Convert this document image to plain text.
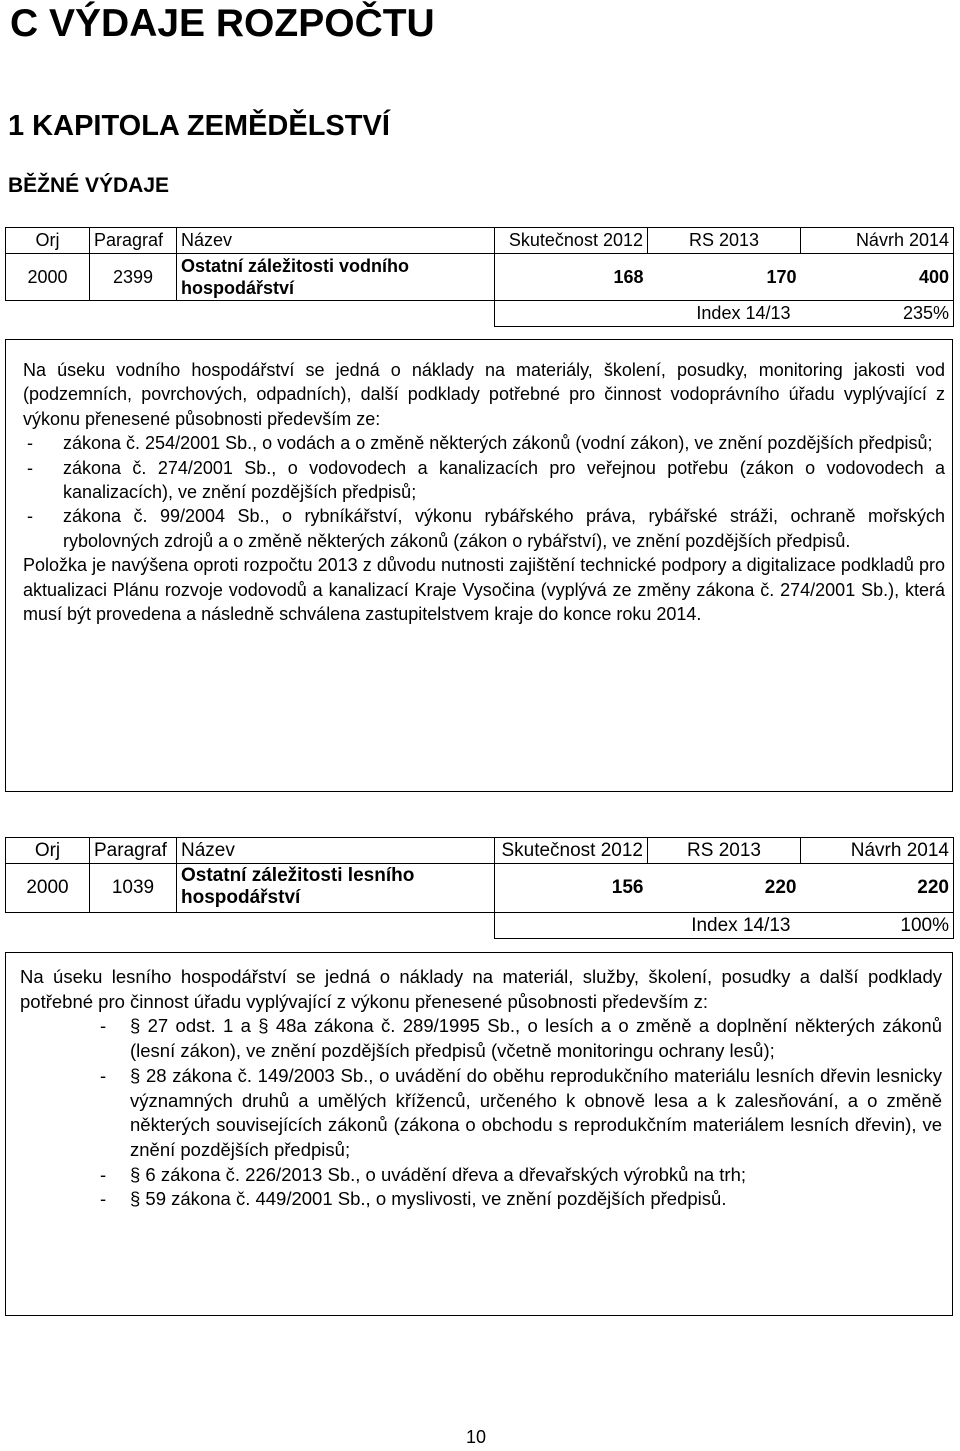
C VÝDAJE ROZPOČTU
1 KAPITOLA ZEMĚDĚLSTVÍ
BĚŽNÉ VÝDAJE
Orj	Paragraf	Název	Skutečnost 2012	RS 2013	Návrh 2014
2000	2399	Ostatní záležitosti vodního hospodářství	168	170	400
			Index 14/13		235%

Na úseku vodního hospodářství se jedná o náklady na materiály, školení, posudky, monitoring jakosti vod (podzemních, povrchových, odpadních), další podklady potřebné pro činnost vodoprávního úřadu vyplývající z výkonu přenesené působnosti především ze:

-	zákona č. 254/2001 Sb., o vodách a o změně některých zákonů (vodní zákon), ve znění pozdějších předpisů;
-	zákona č. 274/2001 Sb., o vodovodech a kanalizacích pro veřejnou potřebu (zákon o vodovodech a kanalizacích), ve znění pozdějších předpisů;
-	zákona č. 99/2004 Sb., o rybníkářství, výkonu rybářského práva, rybářské stráži, ochraně mořských rybolovných zdrojů a o změně některých zákonů (zákon o rybářství), ve znění pozdějších předpisů.

Položka je navýšena oproti rozpočtu 2013 z důvodu nutnosti zajištění technické podpory a digitalizace podkladů pro aktualizaci Plánu rozvoje vodovodů a kanalizací Kraje Vysočina (vyplývá ze změny zákona č. 274/2001 Sb.), která musí být provedena a následně schválena zastupitelstvem kraje do konce roku 2014.

Orj	Paragraf	Název	Skutečnost 2012	RS 2013	Návrh 2014
2000	1039	Ostatní záležitosti lesního hospodářství	156	220	220
			Index 14/13		100%

Na úseku lesního hospodářství se jedná o náklady na materiál, služby, školení, posudky a další podklady potřebné pro činnost úřadu vyplývající z výkonu přenesené působnosti především z:

-	§ 27 odst. 1 a § 48a zákona č. 289/1995 Sb., o lesích a o změně a doplnění některých zákonů (lesní zákon), ve znění pozdějších předpisů (včetně monitoringu ochrany lesů);
-	§ 28 zákona č. 149/2003 Sb., o uvádění do oběhu reprodukčního materiálu lesních dřevin lesnicky významných druhů a umělých kříženců, určeného k obnově lesa a k zalesňování, a o změně některých souvisejících zákonů (zákona o obchodu s reprodukčním materiálem lesních dřevin), ve znění pozdějších předpisů;
-	§ 6 zákona č. 226/2013 Sb., o uvádění dřeva a dřevařských výrobků na trh;
-	§ 59 zákona č. 449/2001 Sb., o myslivosti, ve znění pozdějších předpisů.
10
